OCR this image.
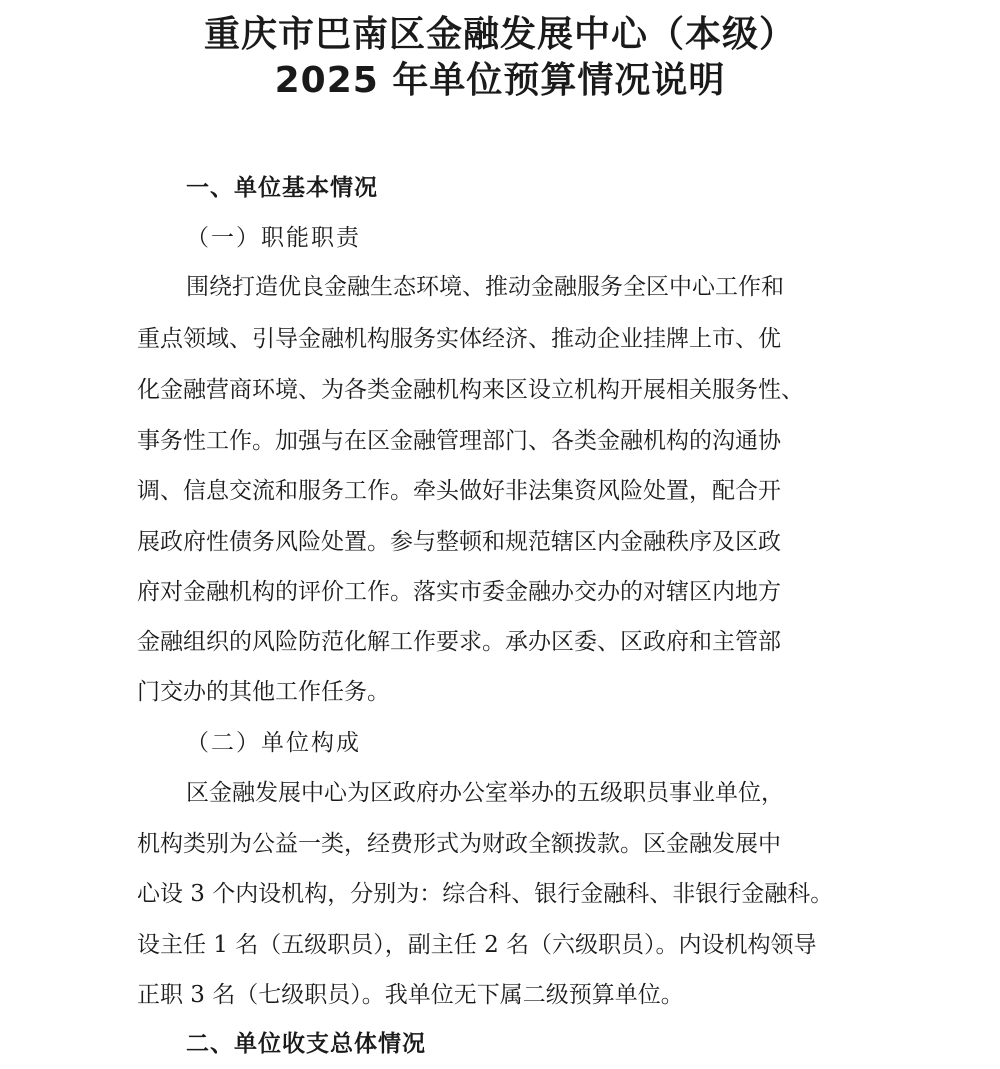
重庆市巴南区金融发展中心（本级）
2025 年单位预算情况说明
一、单位基本情况
（一）职能职责
围绕打造优良金融生态环境、推动金融服务全区中心工作和
重点领域、引导金融机构服务实体经济、推动企业挂牌上市、优
化金融营商环境、为各类金融机构来区设立机构开展相关服务性、
事务性工作。加强与在区金融管理部门、各类金融机构的沟通协
调、信息交流和服务工作。牵头做好非法集资风险处置，配合开
展政府性债务风险处置。参与整顿和规范辖区内金融秩序及区政
府对金融机构的评价工作。落实市委金融办交办的对辖区内地方
金融组织的风险防范化解工作要求。承办区委、区政府和主管部
门交办的其他工作任务。
（二）单位构成
区金融发展中心为区政府办公室举办的五级职员事业单位，
机构类别为公益一类，经费形式为财政全额拨款。区金融发展中
心设 3 个内设机构，分别为：综合科、银行金融科、非银行金融科。
设主任 1 名（五级职员），副主任 2 名（六级职员）。内设机构领导
正职 3 名（七级职员）。我单位无下属二级预算单位。
二、单位收支总体情况
